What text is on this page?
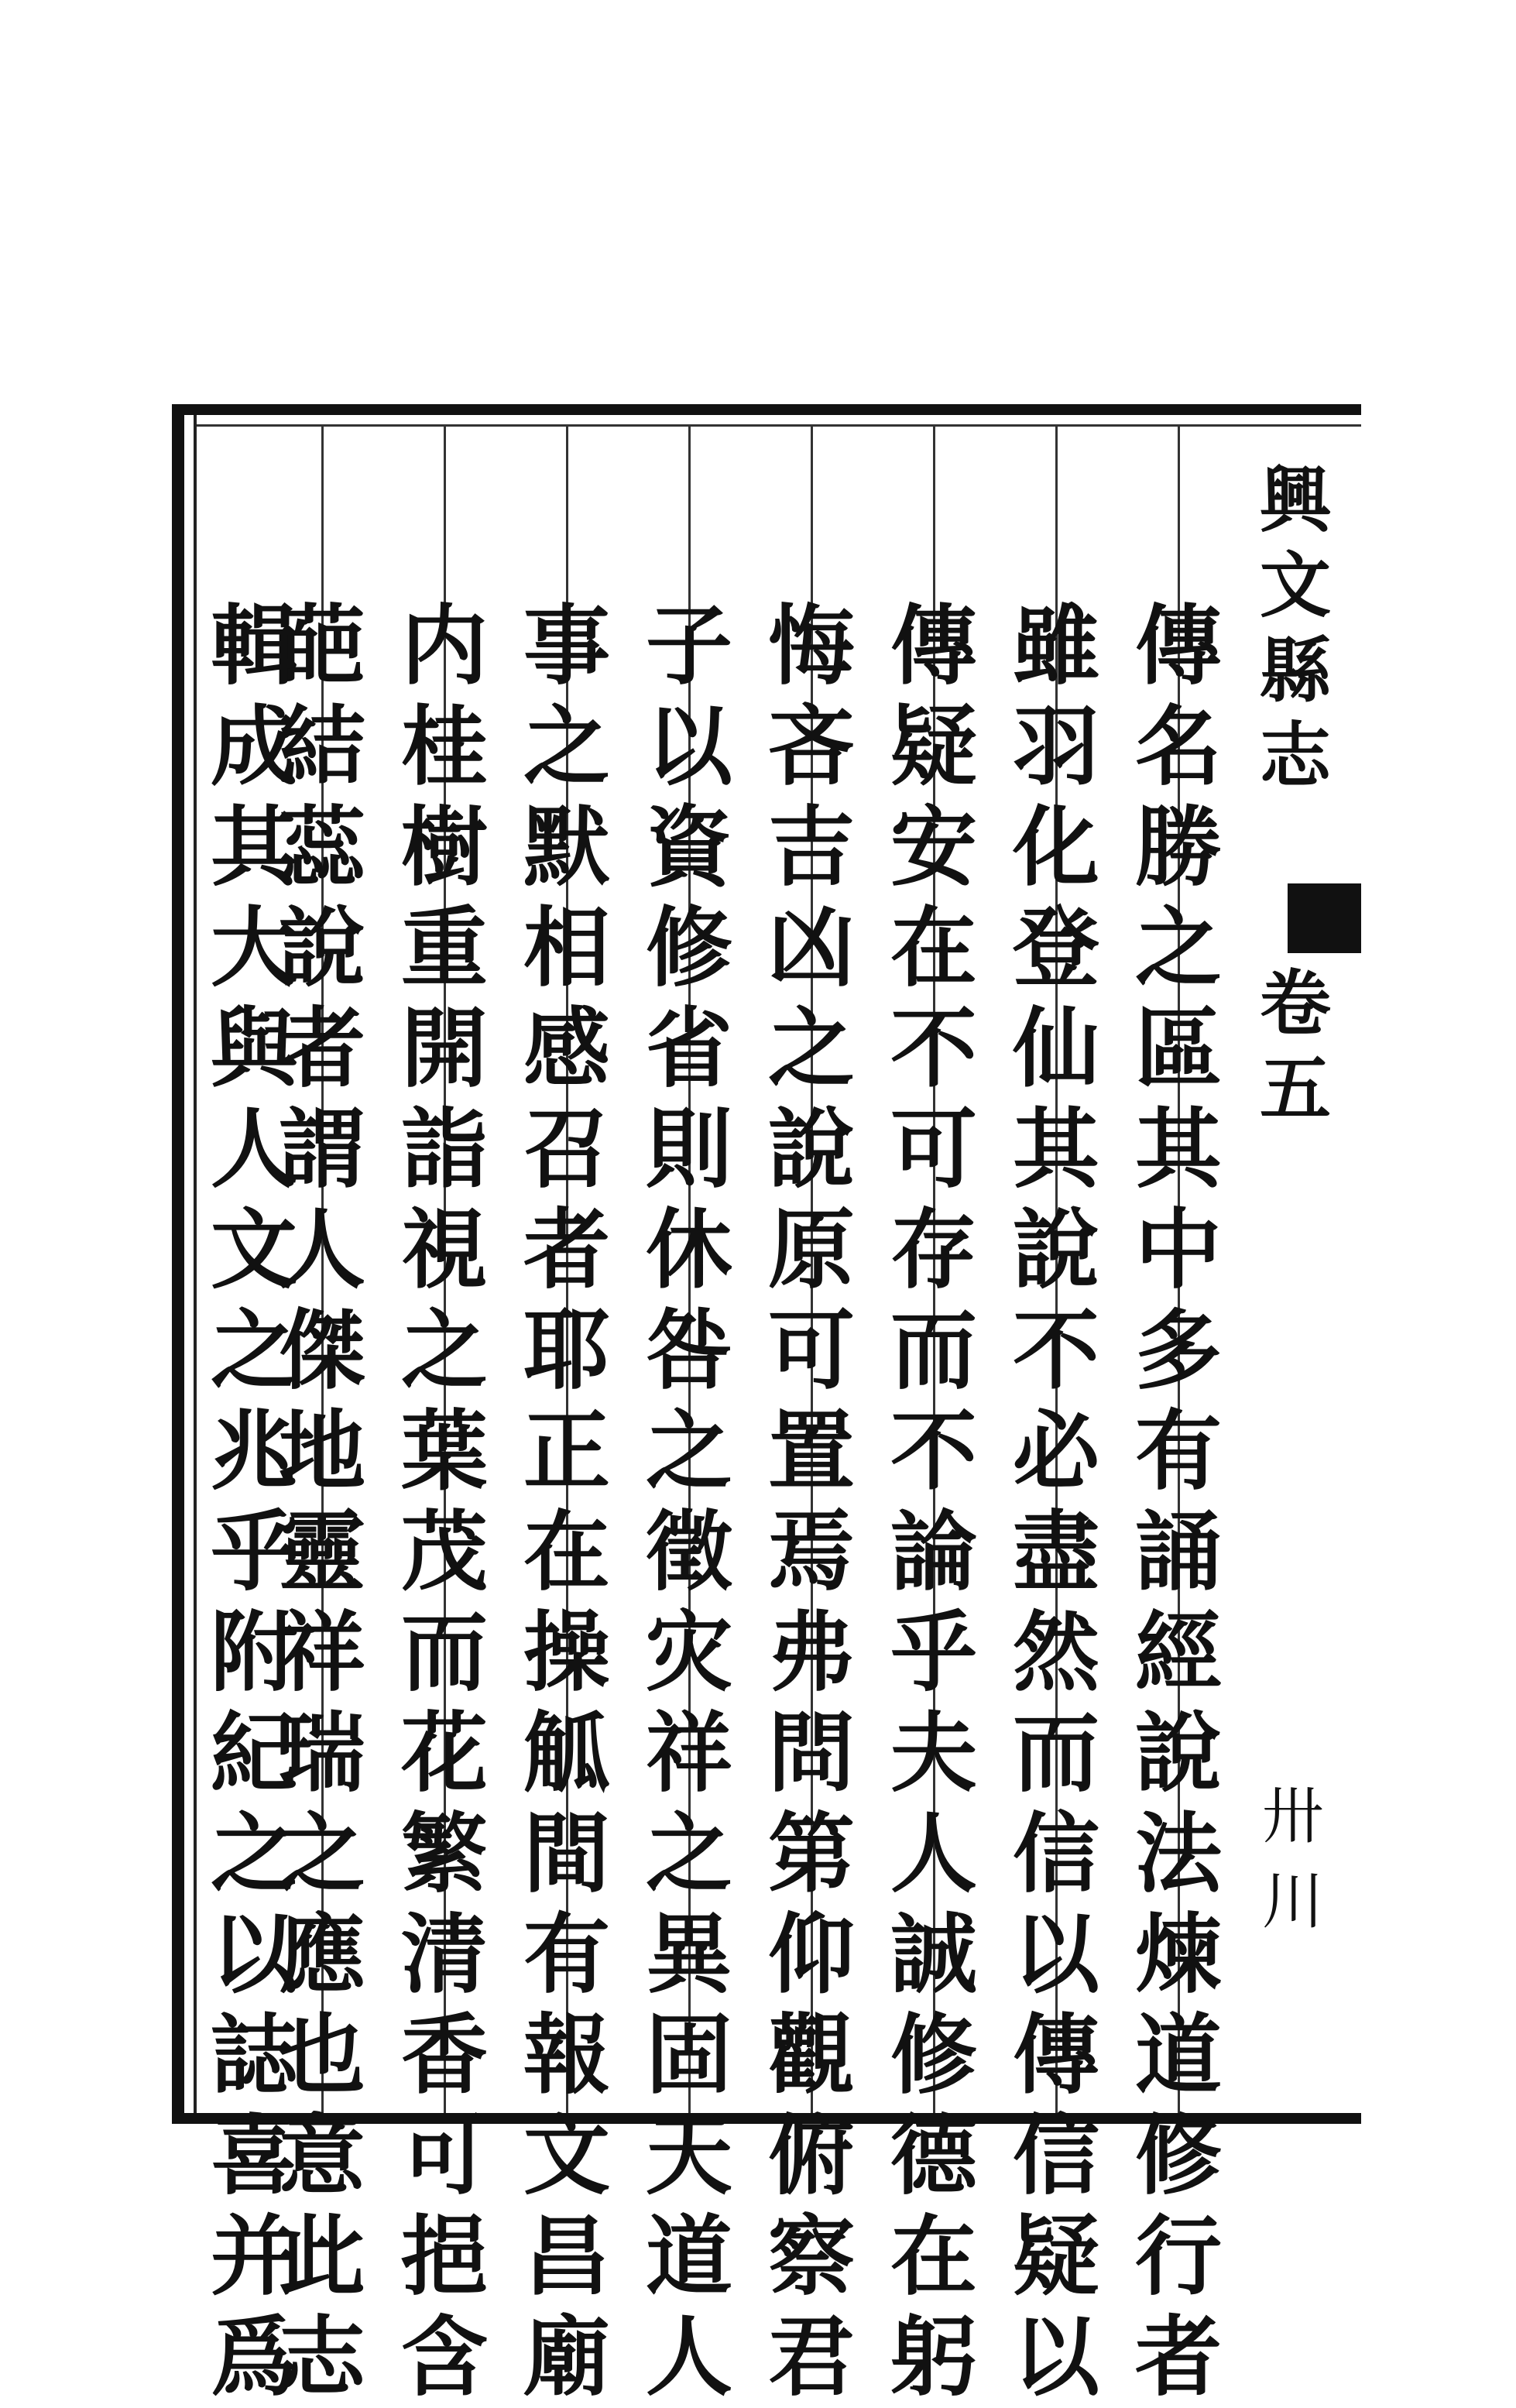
傳
名
勝
之
區
其
中
多
有
誦
經
說
法
煉
道
修
行
者
雖
羽
化
登
仙
其
說
不
必
盡
然
而
信
以
傳
信
疑
以
傳
疑
安
在
不
可
存
而
不
論
乎
夫
人
誠
修
德
在
躬
悔
吝
吉
凶
之
說
原
可
置
焉
弗
問
第
仰
觀
俯
察
君
子
以
資
修
省
則
休
咎
之
徵
灾
祥
之
異
固
天
道
人
事
之
默
相
感
召
者
耶
正
在
操
觚
間
有
報
文
昌
廟
内
桂
樹
重
開
詣
視
之
葉
茂
而
花
繁
清
香
可
挹
含
葩
結
蕊
說
者
謂
人
傑
地
靈
祥
瑞
之
應
也
意
此
志
輯
成
其
大
與
人
文
之
兆
乎
附
紀
之
以
誌
喜
并
爲
興
文
縣
志
卷五
卅川
